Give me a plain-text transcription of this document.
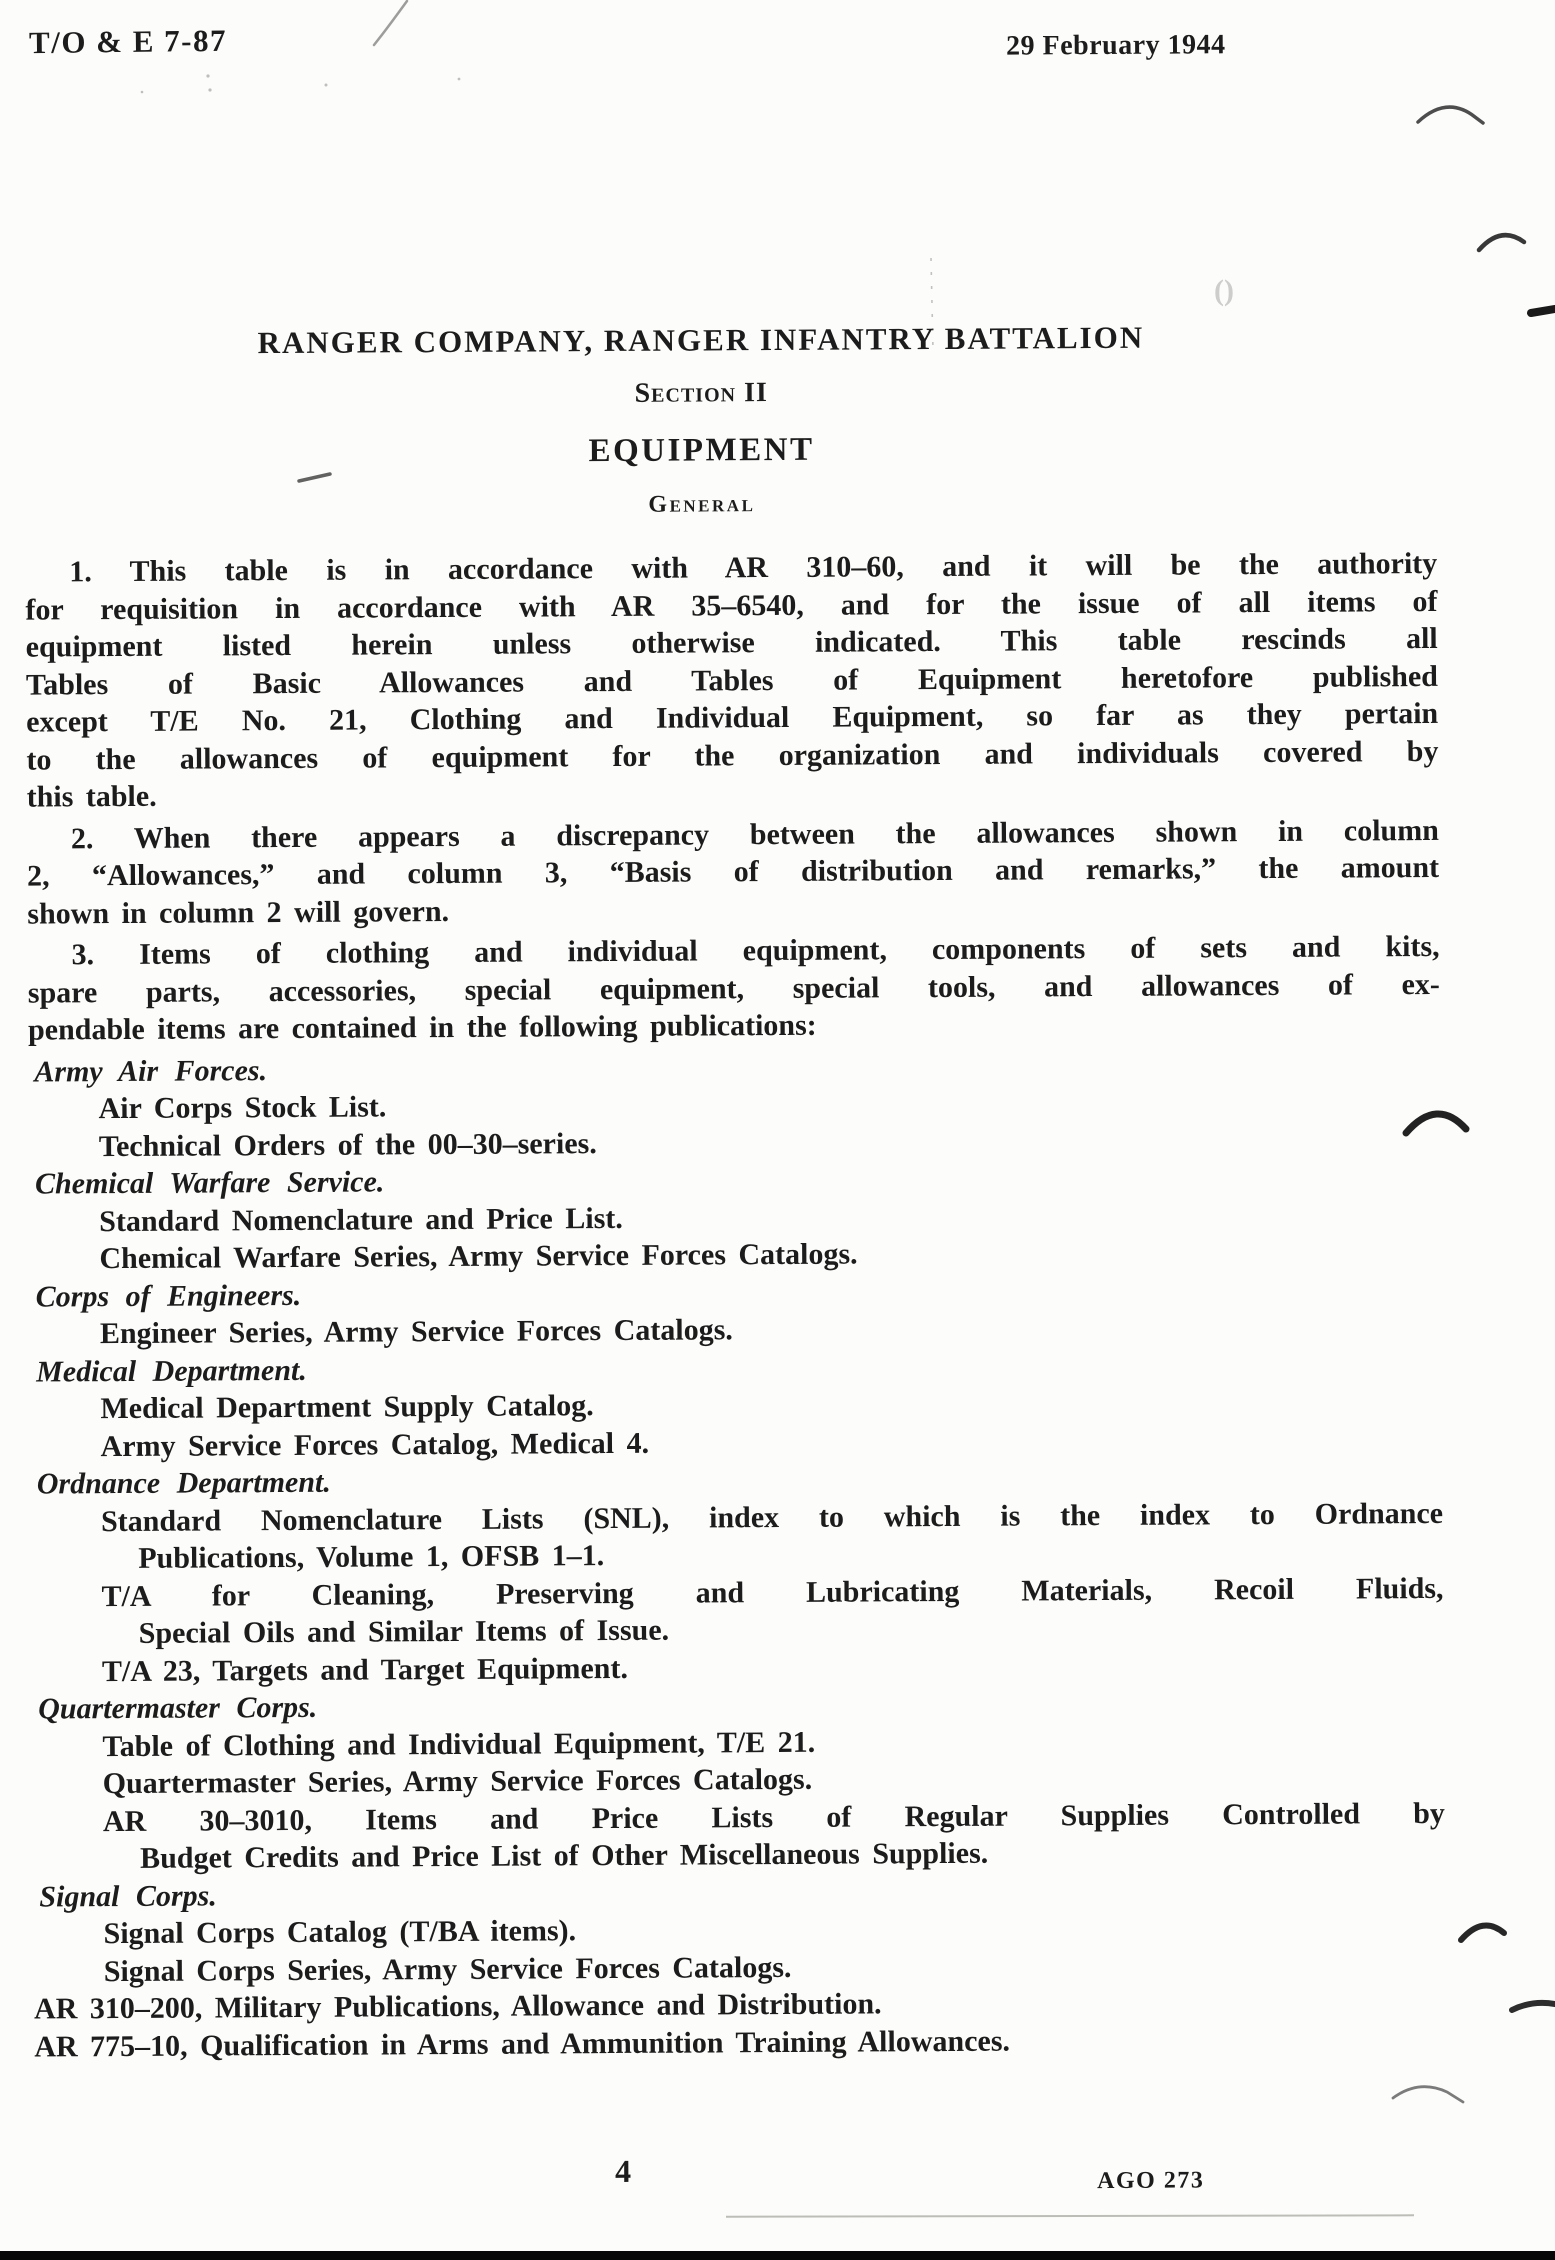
T/O & E 7-87	29 February 1944
RANGER COMPANY, RANGER INFANTRY BATTALION
Section II
EQUIPMENT
General
1. This table is in accordance with AR 310–60, and it will be the authority
for requisition in accordance with AR 35–6540, and for the issue of all items of
equipment listed herein unless otherwise indicated. This table rescinds all
Tables of Basic Allowances and Tables of Equipment heretofore published
except T/E No. 21, Clothing and Individual Equipment, so far as they pertain
to the allowances of equipment for the organization and individuals covered by
this table.
2. When there appears a discrepancy between the allowances shown in column
2, “Allowances,” and column 3, “Basis of distribution and remarks,” the amount
shown in column 2 will govern.
3. Items of clothing and individual equipment, components of sets and kits,
spare parts, accessories, special equipment, special tools, and allowances of ex-
pendable items are contained in the following publications:
Army Air Forces.
Air Corps Stock List.
Technical Orders of the 00–30–series.
Chemical Warfare Service.
Standard Nomenclature and Price List.
Chemical Warfare Series, Army Service Forces Catalogs.
Corps of Engineers.
Engineer Series, Army Service Forces Catalogs.
Medical Department.
Medical Department Supply Catalog.
Army Service Forces Catalog, Medical 4.
Ordnance Department.
Standard Nomenclature Lists (SNL), index to which is the index to Ordnance
Publications, Volume 1, OFSB 1–1.
T/A for Cleaning, Preserving and Lubricating Materials, Recoil Fluids,
Special Oils and Similar Items of Issue.
T/A 23, Targets and Target Equipment.
Quartermaster Corps.
Table of Clothing and Individual Equipment, T/E 21.
Quartermaster Series, Army Service Forces Catalogs.
AR 30–3010, Items and Price Lists of Regular Supplies Controlled by
Budget Credits and Price List of Other Miscellaneous Supplies.
Signal Corps.
Signal Corps Catalog (T/BA items).
Signal Corps Series, Army Service Forces Catalogs.
AR 310–200, Military Publications, Allowance and Distribution.
AR 775–10, Qualification in Arms and Ammunition Training Allowances.
4	AGO 273
(﻿)
